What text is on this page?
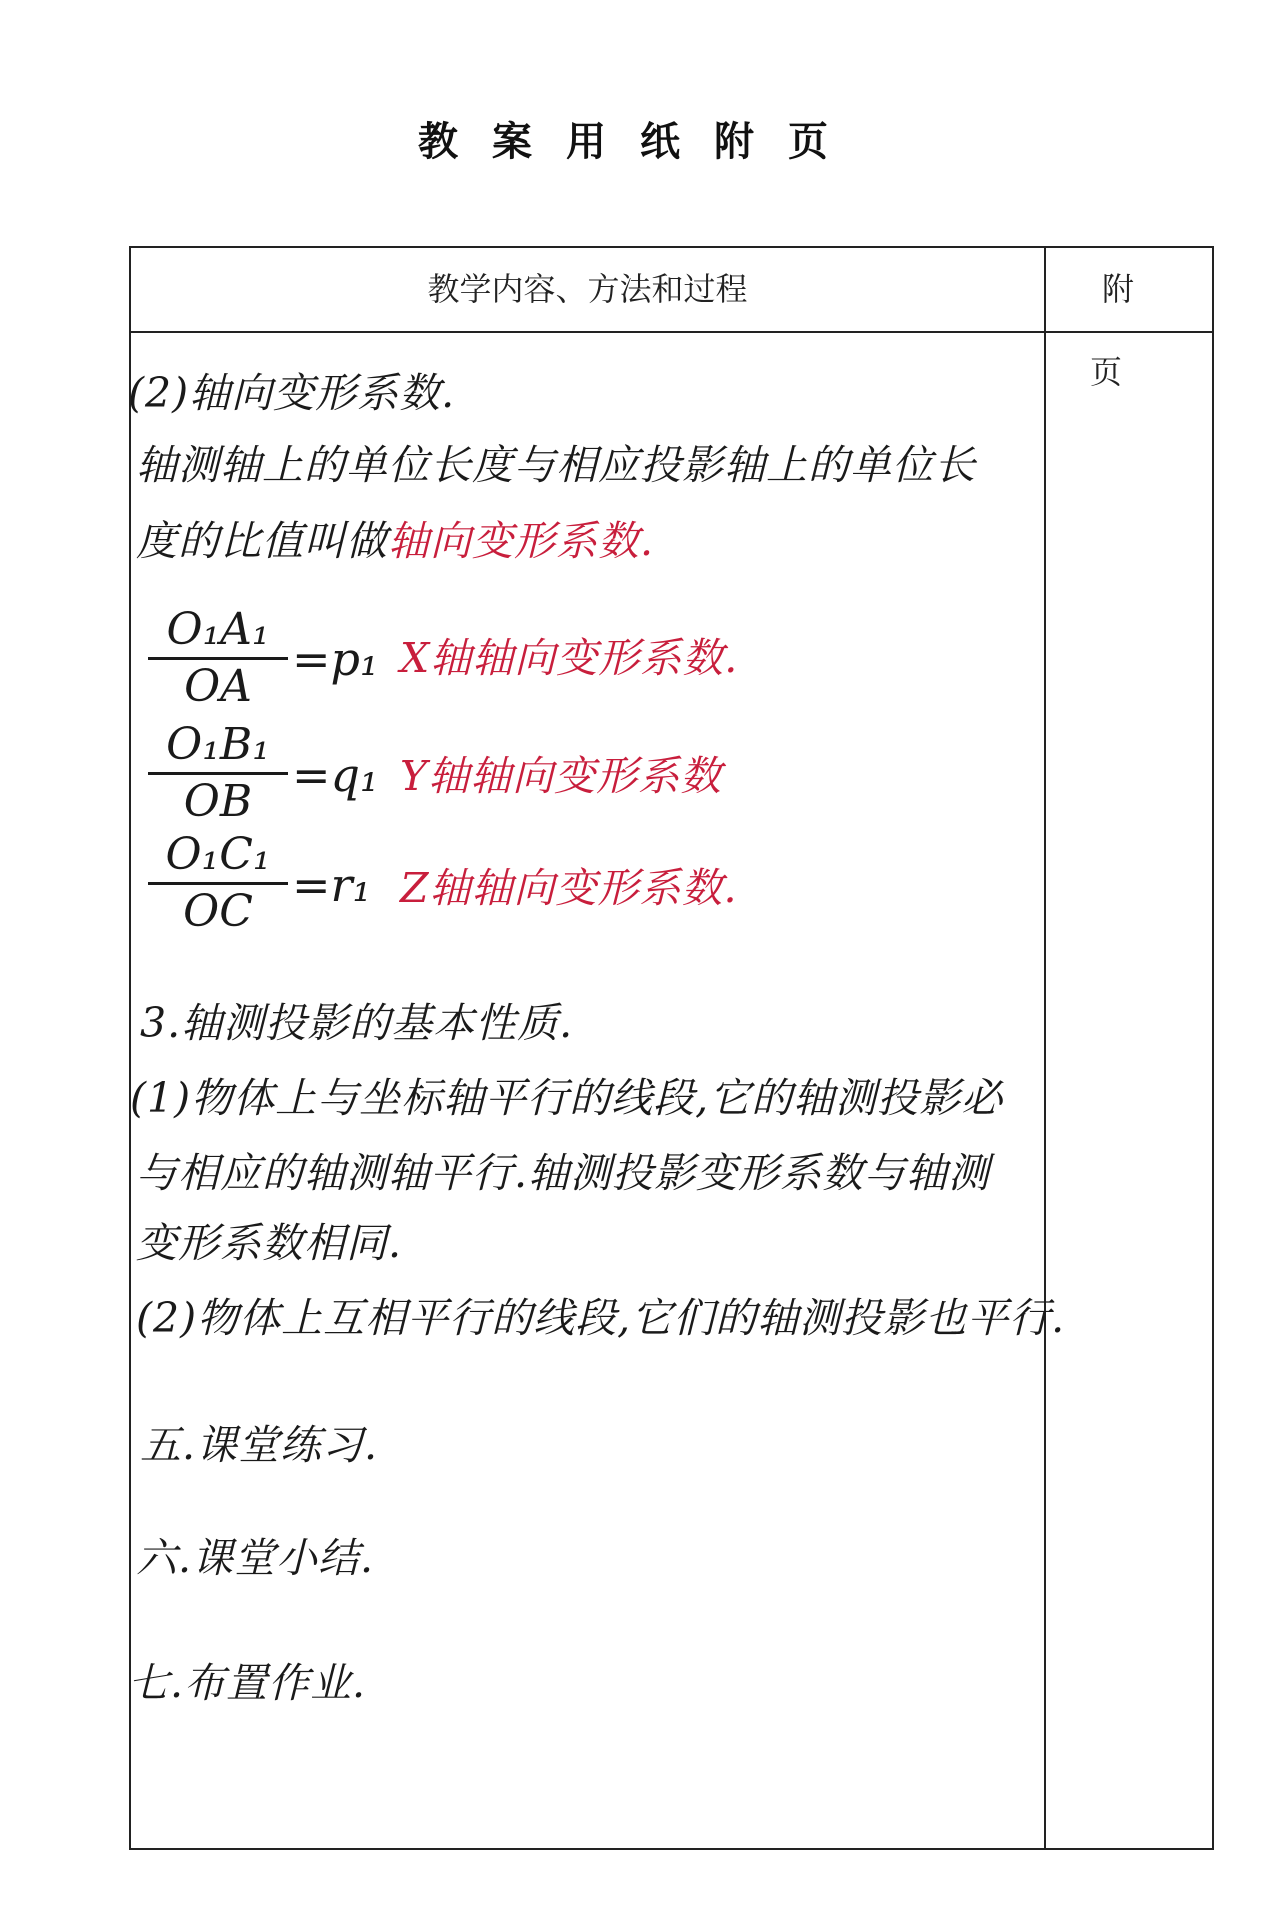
教案用纸附页
教学内容、方法和过程	附页
(2)轴向变形系数.
轴测轴上的单位长度与相应投影轴上的单位长
度的比值叫做轴向变形系数.
O₁A₁
OA
=p₁ X轴轴向变形系数.
O₁B₁
OB =q₁ Y轴轴向变形系数
O₁C₁
OC =r₁ Z轴轴向变形系数.
3.轴测投影的基本性质.
(1)物体上与坐标轴平行的线段,它的轴测投影必
与相应的轴测轴平行.轴测投影变形系数与轴测
变形系数相同.
(2)物体上互相平行的线段,它们的轴测投影也平行.
五.课堂练习.
六.课堂小结.
七.布置作业.
